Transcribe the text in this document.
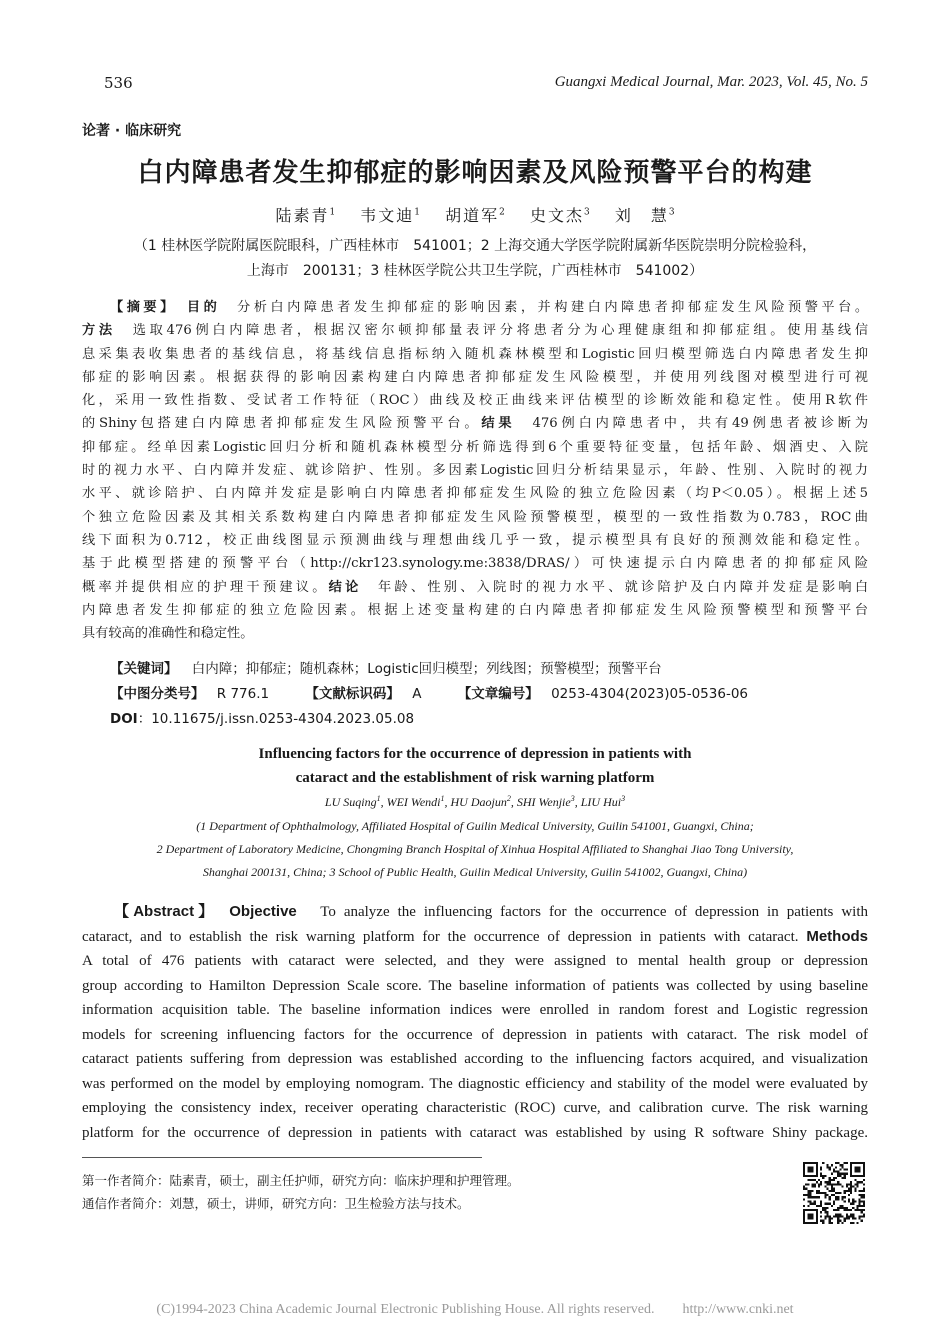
536	Guangxi Medical Journal, Mar. 2023, Vol. 45, No. 5
论著 · 临床研究
白内障患者发生抑郁症的影响因素及风险预警平台的构建
陆素青$^1$ 韦文迪$^1$ 胡道军$^2$ 史文杰$^3$ 刘　慧$^3$
（1 桂林医学院附属医院眼科，广西桂林市　541001；2 上海交通大学医学院附属新华医院崇明分院检验科，
上海市　200131；3 桂林医学院公共卫生学院，广西桂林市　541002）
【摘要】　目的　分析白内障患者发生抑郁症的影响因素，并构建白内障患者抑郁症发生风险预警平台。
方法　选取476例白内障患者，根据汉密尔顿抑郁量表评分将患者分为心理健康组和抑郁症组。使用基线信
息采集表收集患者的基线信息，将基线信息指标纳入随机森林模型和Logistic回归模型筛选白内障患者发生抑
郁症的影响因素。根据获得的影响因素构建白内障患者抑郁症发生风险模型，并使用列线图对模型进行可视
化，采用一致性指数、受试者工作特征（ROC）曲线及校正曲线来评估模型的诊断效能和稳定性。使用R软件
的Shiny包搭建白内障患者抑郁症发生风险预警平台。结果　476例白内障患者中，共有49例患者被诊断为
抑郁症。经单因素Logistic回归分析和随机森林模型分析筛选得到6个重要特征变量，包括年龄、烟酒史、入院
时的视力水平、白内障并发症、就诊陪护、性别。多因素Logistic回归分析结果显示，年龄、性别、入院时的视力
水平、就诊陪护、白内障并发症是影响白内障患者抑郁症发生风险的独立危险因素（均P＜0.05）。根据上述5
个独立危险因素及其相关系数构建白内障患者抑郁症发生风险预警模型，模型的一致性指数为0.783，ROC曲
线下面积为0.712，校正曲线图显示预测曲线与理想曲线几乎一致，提示模型具有良好的预测效能和稳定性。
基于此模型搭建的预警平台（http://ckr123.synology.me:3838/DRAS/）可快速提示白内障患者的抑郁症风险
概率并提供相应的护理干预建议。结论　年龄、性别、入院时的视力水平、就诊陪护及白内障并发症是影响白
内障患者发生抑郁症的独立危险因素。根据上述变量构建的白内障患者抑郁症发生风险预警模型和预警平台
具有较高的准确性和稳定性。
【关键词】 白内障；抑郁症；随机森林；Logistic回归模型；列线图；预警模型；预警平台
【中图分类号】 R 776.1	【文献标识码】 A	【文章编号】 0253-4304(2023)05-0536-06
DOI：10.11675/j.issn.0253-4304.2023.05.08
Influencing factors for the occurrence of depression in patients with
cataract and the establishment of risk warning platform
LU Suqing$^1$, WEI Wendi$^1$, HU Daojun$^2$, SHI Wenjie$^3$, LIU Hui$^3$
(1 Department of Ophthalmology, Affiliated Hospital of Guilin Medical University, Guilin 541001, Guangxi, China;
2 Department of Laboratory Medicine, Chongming Branch Hospital of Xinhua Hospital Affiliated to Shanghai Jiao Tong University,
Shanghai 200131, China; 3 School of Public Health, Guilin Medical University, Guilin 541002, Guangxi, China)
【Abstract】　Objective　To analyze the influencing factors for the occurrence of depression in patients with
cataract, and to establish the risk warning platform for the occurrence of depression in patients with cataract. Methods
A total of 476 patients with cataract were selected, and they were assigned to mental health group or depression
group according to Hamilton Depression Scale score. The baseline information of patients was collected by using baseline
information acquisition table. The baseline information indices were enrolled in random forest and Logistic regression
models for screening influencing factors for the occurrence of depression in patients with cataract. The risk model of
cataract patients suffering from depression was established according to the influencing factors acquired, and visualization
was performed on the model by employing nomogram. The diagnostic efficiency and stability of the model were evaluated by
employing the consistency index, receiver operating characteristic (ROC) curve, and calibration curve. The risk warning
platform for the occurrence of depression in patients with cataract was established by using R software Shiny package.
第一作者简介：陆素青，硕士，副主任护师，研究方向：临床护理和护理管理。
通信作者简介：刘慧，硕士，讲师，研究方向：卫生检验方法与技术。
(C)1994-2023 China Academic Journal Electronic Publishing House. All rights reserved.　　http://www.cnki.net
